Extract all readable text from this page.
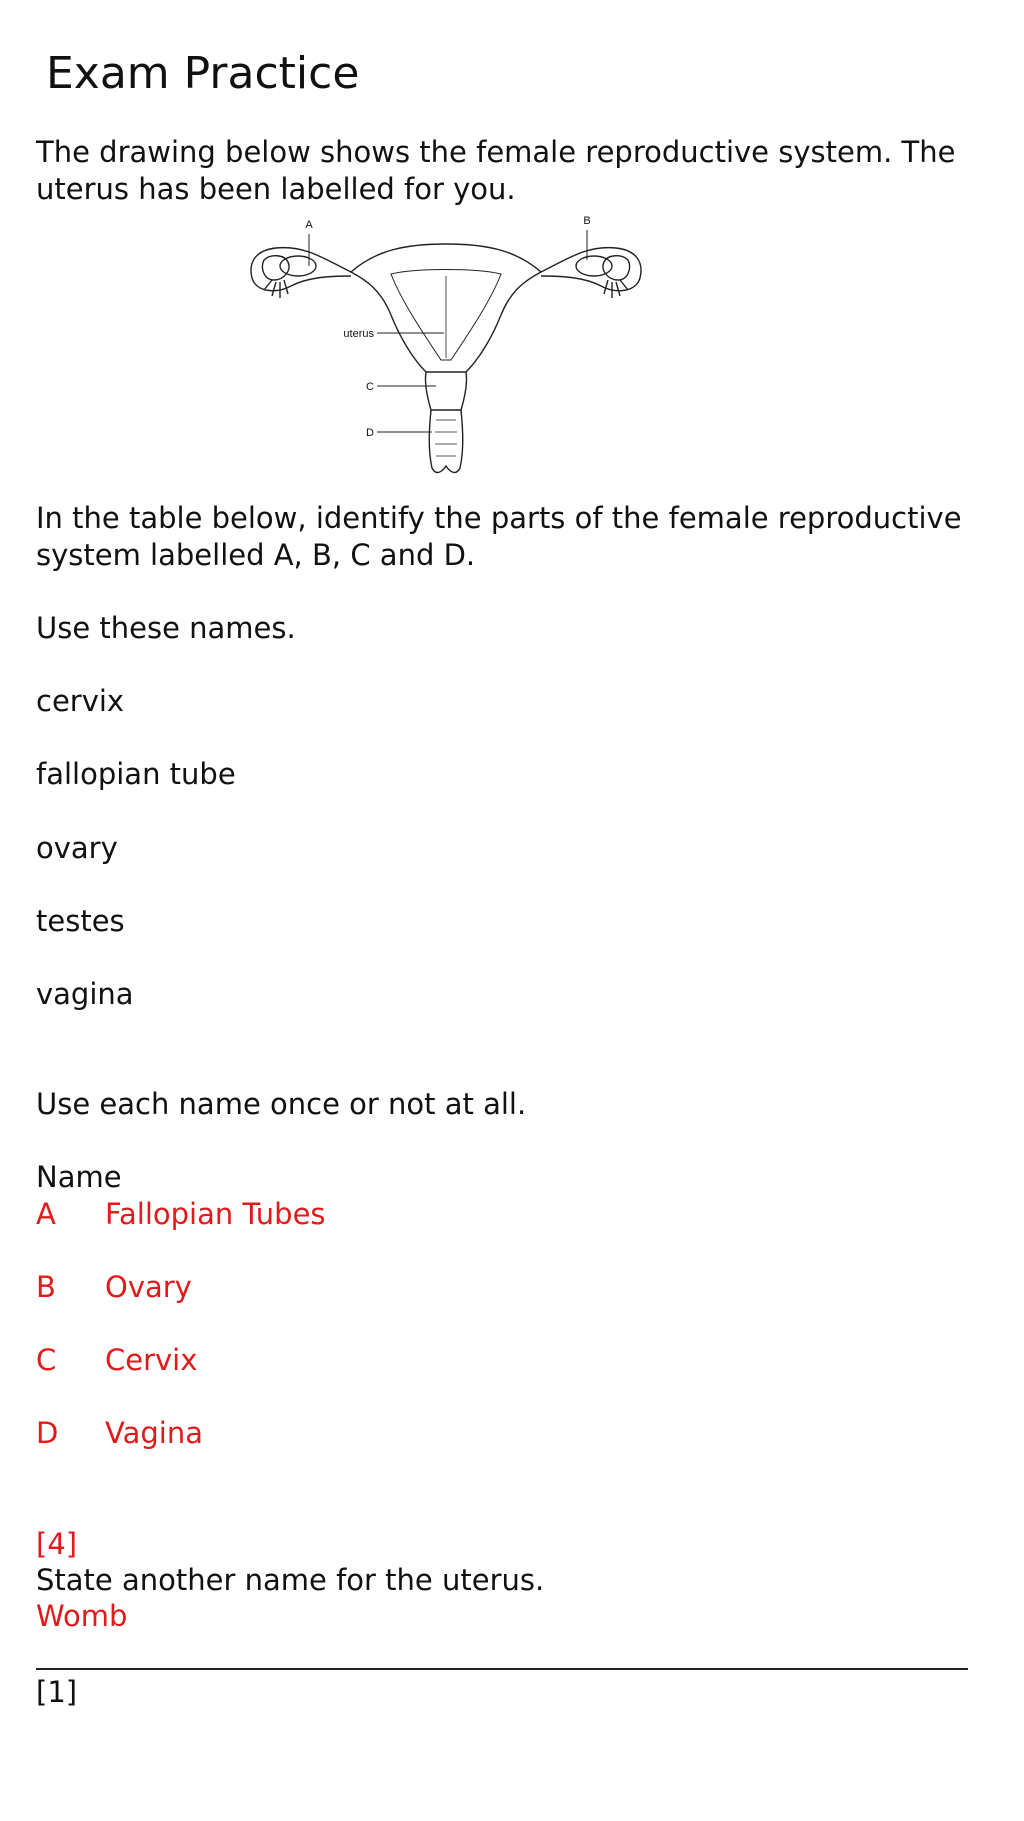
Exam Practice

The drawing below shows the female reproductive system. The uterus has been labelled for you.

A	B
uterus
C
D

In the table below, identify the parts of the female reproductive system labelled A, B, C and D.

Use these names.

cervix

fallopian tube

ovary

testes

vagina

Use each name once or not at all.

Name

A Fallopian Tubes
B Ovary
C Cervix
D Vagina

[4]

State another name for the uterus.

Womb

[1]
